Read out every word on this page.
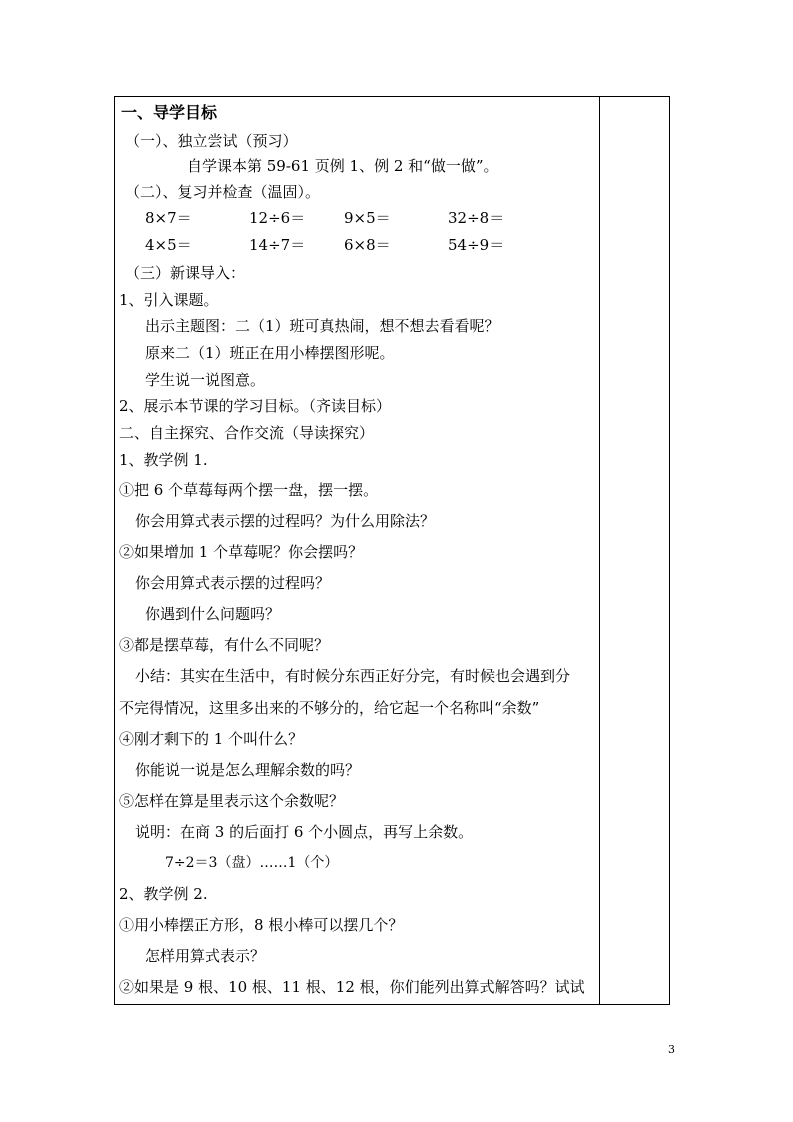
一、导学目标
（一）、独立尝试（预习）
自学课本第 59-61 页例 1、例 2 和“做一做”。
（二）、复习并检查（温固）。
8×7＝	12÷6＝	9×5＝	32÷8＝
4×5＝	14÷7＝	6×8＝	54÷9＝
（三）新课导入：
1、引入课题。
出示主题图：二（1）班可真热闹，想不想去看看呢？
原来二（1）班正在用小棒摆图形呢。
学生说一说图意。
2、展示本节课的学习目标。（齐读目标）
二、自主探究、合作交流（导读探究）
1、教学例 1.
①把 6 个草莓每两个摆一盘，摆一摆。
你会用算式表示摆的过程吗？为什么用除法？
②如果增加 1 个草莓呢？你会摆吗？
你会用算式表示摆的过程吗？
你遇到什么问题吗？
③都是摆草莓，有什么不同呢？
小结：其实在生活中，有时候分东西正好分完，有时候也会遇到分
不完得情况，这里多出来的不够分的，给它起一个名称叫“余数”
④刚才剩下的 1 个叫什么？
你能说一说是怎么理解余数的吗？
⑤怎样在算是里表示这个余数呢？
说明：在商 3 的后面打 6 个小圆点，再写上余数。
7÷2＝3（盘）……1（个）
2、教学例 2.
①用小棒摆正方形，8 根小棒可以摆几个？
怎样用算式表示？
②如果是 9 根、10 根、11 根、12 根，你们能列出算式解答吗？试试
3
